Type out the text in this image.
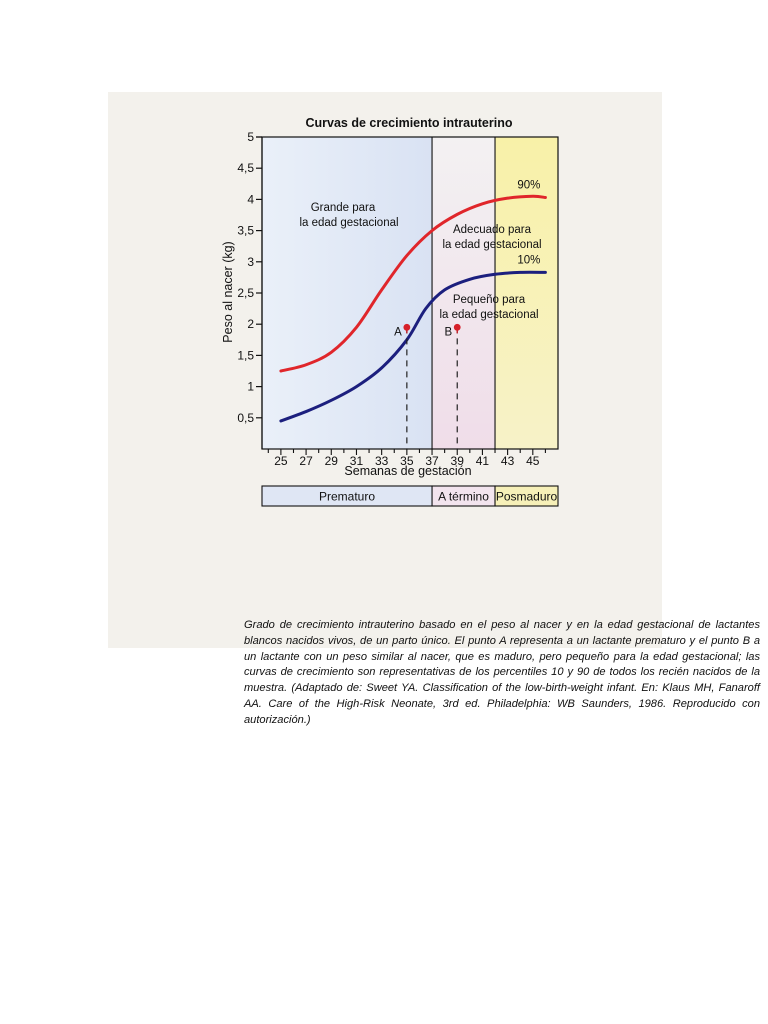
Curvas de crecimiento intrauterino
0,5
1
1,5
2
2,5
3
3,5
4
4,5
5
25 27 29 31 33 35 37 39 41 43 45
Peso al nacer (kg)
Semanas de gestación
90%
10%
A	B
Grande para
la edad gestacional
Adecuado para
la edad gestacional
Pequeño para
la edad gestacional
Prematuro	A término Posmaduro

Grado de crecimiento intrauterino basado en el peso al nacer y en la edad gestacional de lactantes blancos nacidos vivos, de un parto único. El punto A representa a un lactante prematuro y el punto B a un lactante con un peso similar al nacer, que es maduro, pero pequeño para la edad gestacional; las curvas de crecimiento son representativas de los percentiles 10 y 90 de todos los recién nacidos de la muestra. (Adaptado de: Sweet YA. Classification of the low-birth-weight infant. En: Klaus MH, Fanaroff AA. Care of the High-Risk Neonate, 3rd ed. Philadelphia: WB Saunders, 1986. Reproducido con autorización.)
